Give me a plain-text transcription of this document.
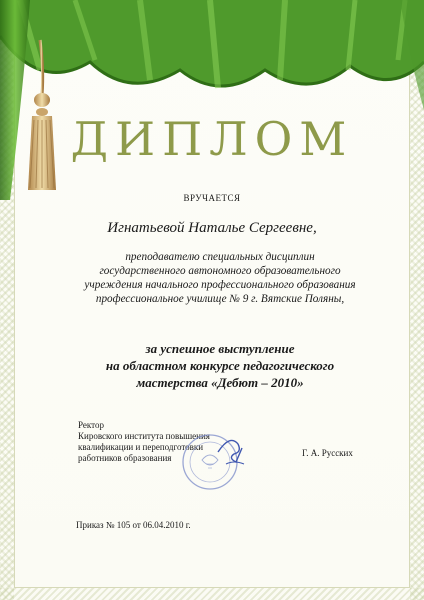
ДИПЛОМ
ВРУЧАЕТСЯ
Игнатьевой Наталье Сергеевне,
преподавателю специальных дисциплин
государственного автономного образовательного
учреждения начального профессионального образования
профессиональное училище № 9 г. Вятские Поляны,
за успешное выступление
на областном конкурсе педагогического
мастерства «Дебют – 2010»
Ректор
Кировского института повышения
квалификации и переподготовки
работников образования	Г. А. Русских
Приказ № 105 от 06.04.2010 г.
